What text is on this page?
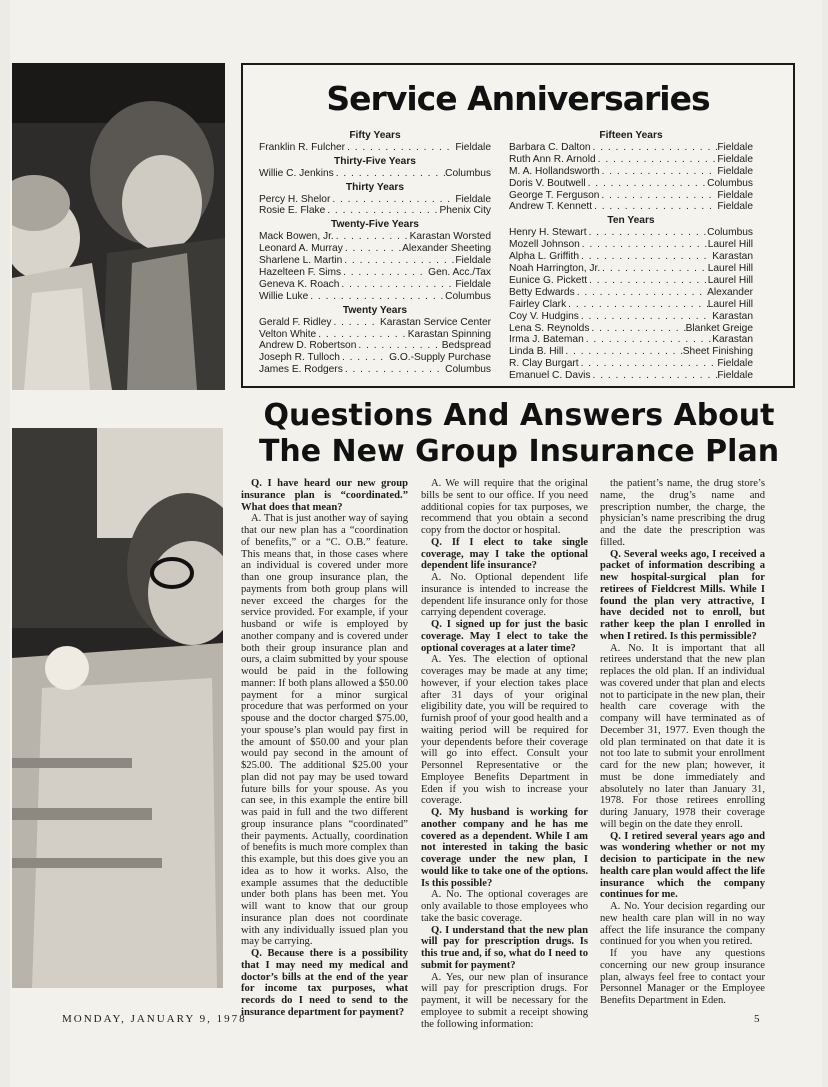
Service Anniversaries
Fifty Years
Franklin R. Fulcher . . .	Fieldale
Thirty-Five Years
Willie C. Jenkins . . .	Columbus
Thirty Years
Percy H. Shelor . . .	Fieldale
Rosie E. Flake . . .	Phenix City
Twenty-Five Years
Mack Bowen, Jr. . . .	Karastan Worsted
Leonard A. Murray . . .	Alexander Sheeting
Sharlene L. Martin . . .	Fieldale
Hazelteen F. Sims . . .	Gen. Acc./Tax
Geneva K. Roach . . .	Fieldale
Willie Luke . . .	Columbus
Twenty Years
Gerald F. Ridley . . .	Karastan Service Center
Velton White . . .	Karastan Spinning
Andrew D. Robertson . . .	Bedspread
Joseph R. Tulloch . . .	G.O.-Supply Purchase
James E. Rodgers . . .	Columbus
Fifteen Years
Barbara C. Dalton . . .	Fieldale
Ruth Ann R. Arnold . . .	Fieldale
M. A. Hollandsworth . . .	Fieldale
Doris V. Boutwell . . .	Columbus
George T. Ferguson . . .	Fieldale
Andrew T. Kennett . . .	Fieldale
Ten Years
Henry H. Stewart . . .	Columbus
Mozell Johnson . . .	Laurel Hill
Alpha L. Griffith . . .	Karastan
Noah Harrington, Jr. . . .	Laurel Hill
Eunice G. Pickett . . .	Laurel Hill
Betty Edwards . . .	Alexander
Fairley Clark . . .	Laurel Hill
Coy V. Hudgins . . .	Karastan
Lena S. Reynolds . . .	Blanket Greige
Irma J. Bateman . . .	Karastan
Linda B. Hill . . .	Sheet Finishing
R. Clay Burgart . . .	Fieldale
Emanuel C. Davis . . .	Fieldale
Questions And Answers About
The New Group Insurance Plan

Q. I have heard our new group insurance plan is “coordinated.” What does that mean?

A. That is just another way of saying that our new plan has a “coordination of benefits,” or a “C. O.B.” feature. This means that, in those cases where an individual is covered under more than one group insurance plan, the payments from both group plans will never exceed the charges for the service provided. For example, if your husband or wife is employed by another company and is covered under both their group insurance plan and ours, a claim submitted by your spouse would be paid in the following manner: If both plans allowed a $50.00 payment for a minor surgical procedure that was performed on your spouse and the doctor charged $75.00, your spouse’s plan would pay first in the amount of $50.00 and your plan would pay second in the amount of $25.00. The additional $25.00 your plan did not pay may be used toward future bills for your spouse. As you can see, in this example the entire bill was paid in full and the two different group insurance plans “coordinated” their payments. Actually, coordination of benefits is much more complex than this example, but this does give you an idea as to how it works. Also, the example assumes that the deductible under both plans has been met. You will want to know that our group insurance plan does not coordinate with any individually issued plan you may be carrying.

Q. Because there is a possibility that I may need my medical and doctor’s bills at the end of the year for income tax purposes, what records do I need to send to the insurance department for payment?

A. We will require that the original bills be sent to our office. If you need additional copies for tax purposes, we recommend that you obtain a second copy from the doctor or hospital.

Q. If I elect to take single coverage, may I take the optional dependent life insurance?

A. No. Optional dependent life insurance is intended to increase the dependent life insurance only for those carrying dependent coverage.

Q. I signed up for just the basic coverage. May I elect to take the optional coverages at a later time?

A. Yes. The election of optional coverages may be made at any time; however, if your election takes place after 31 days of your original eligibility date, you will be required to furnish proof of your good health and a waiting period will be required for your dependents before their coverage will go into effect. Consult your Personnel Representative or the Employee Benefits Department in Eden if you wish to increase your coverage.

Q. My husband is working for another company and he has me covered as a dependent. While I am not interested in taking the basic coverage under the new plan, I would like to take one of the options. Is this possible?

A. No. The optional coverages are only available to those employees who take the basic coverage.

Q. I understand that the new plan will pay for prescription drugs. Is this true and, if so, what do I need to submit for payment?

A. Yes, our new plan of insurance will pay for prescription drugs. For payment, it will be necessary for the employee to submit a receipt showing the following information:

the patient’s name, the drug store’s name, the drug’s name and prescription number, the charge, the physician’s name prescribing the drug and the date the prescription was filled.

Q. Several weeks ago, I received a packet of information describing a new hospital-surgical plan for retirees of Fieldcrest Mills. While I found the plan very attractive, I have decided not to enroll, but rather keep the plan I enrolled in when I retired. Is this permissible?

A. No. It is important that all retirees understand that the new plan replaces the old plan. If an individual was covered under that plan and elects not to participate in the new plan, their health care coverage with the company will have terminated as of December 31, 1977. Even though the old plan terminated on that date it is not too late to submit your enrollment card for the new plan; however, it must be done immediately and absolutely no later than January 31, 1978. For those retirees enrolling during January, 1978 their coverage will begin on the date they enroll.

Q. I retired several years ago and was wondering whether or not my decision to participate in the new health care plan would affect the life insurance which the company continues for me.

A. No. Your decision regarding our new health care plan will in no way affect the life insurance the company continued for you when you retired.

If you have any questions concerning our new group insurance plan, always feel free to contact your Personnel Manager or the Employee Benefits Department in Eden.

MONDAY, JANUARY 9, 1978	5
